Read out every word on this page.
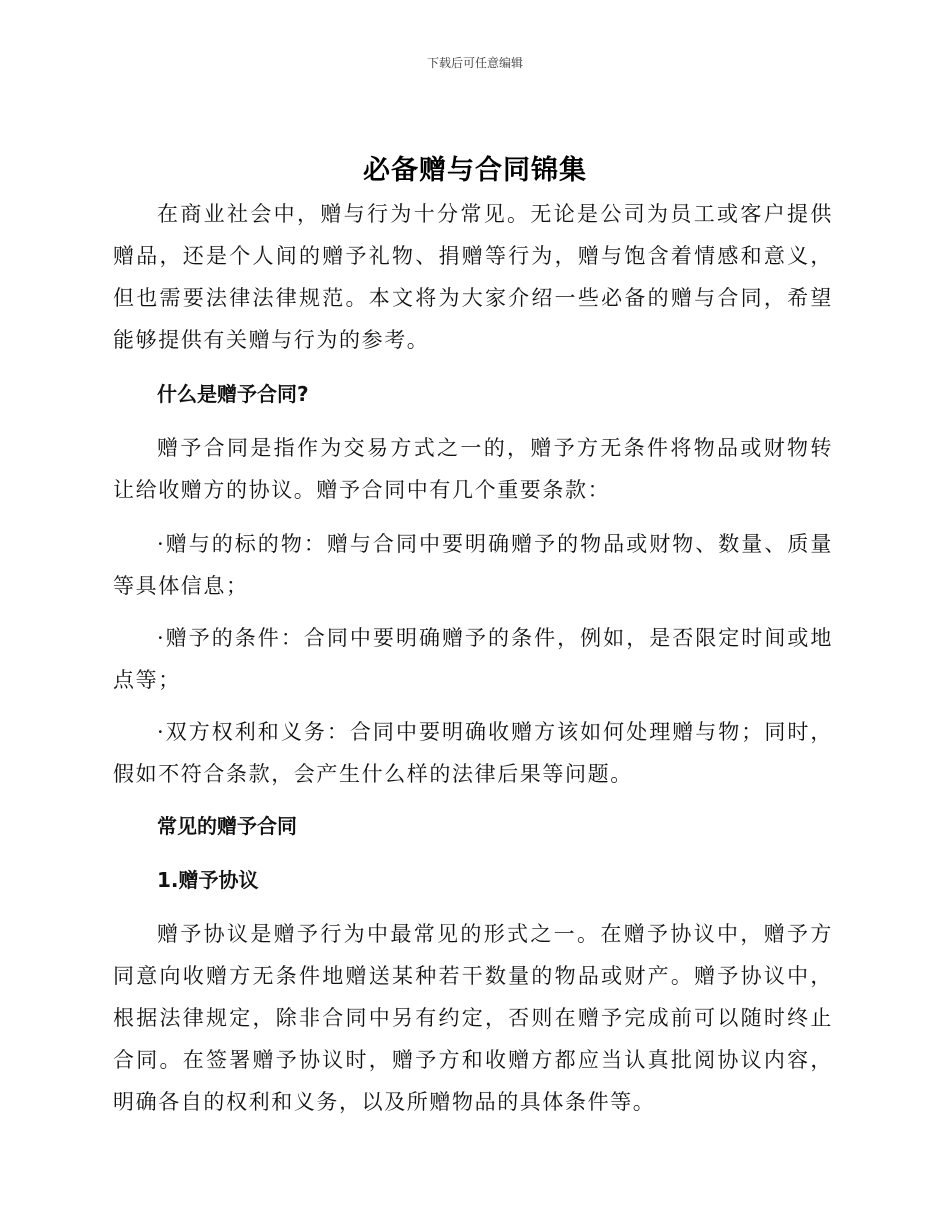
下载后可任意编辑
必备赠与合同锦集

在商业社会中，赠与行为十分常见。无论是公司为员工或客户提供赠品，还是个人间的赠予礼物、捐赠等行为，赠与饱含着情感和意义，但也需要法律法律规范。本文将为大家介绍一些必备的赠与合同，希望能够提供有关赠与行为的参考。

什么是赠予合同?

赠予合同是指作为交易方式之一的，赠予方无条件将物品或财物转让给收赠方的协议。赠予合同中有几个重要条款：

·赠与的标的物：赠与合同中要明确赠予的物品或财物、数量、质量等具体信息；

·赠予的条件：合同中要明确赠予的条件，例如，是否限定时间或地点等；

·双方权利和义务：合同中要明确收赠方该如何处理赠与物；同时，假如不符合条款，会产生什么样的法律后果等问题。

常见的赠予合同

1.赠予协议

赠予协议是赠予行为中最常见的形式之一。在赠予协议中，赠予方同意向收赠方无条件地赠送某种若干数量的物品或财产。赠予协议中，根据法律规定，除非合同中另有约定，否则在赠予完成前可以随时终止合同。在签署赠予协议时，赠予方和收赠方都应当认真批阅协议内容，明确各自的权利和义务，以及所赠物品的具体条件等。
